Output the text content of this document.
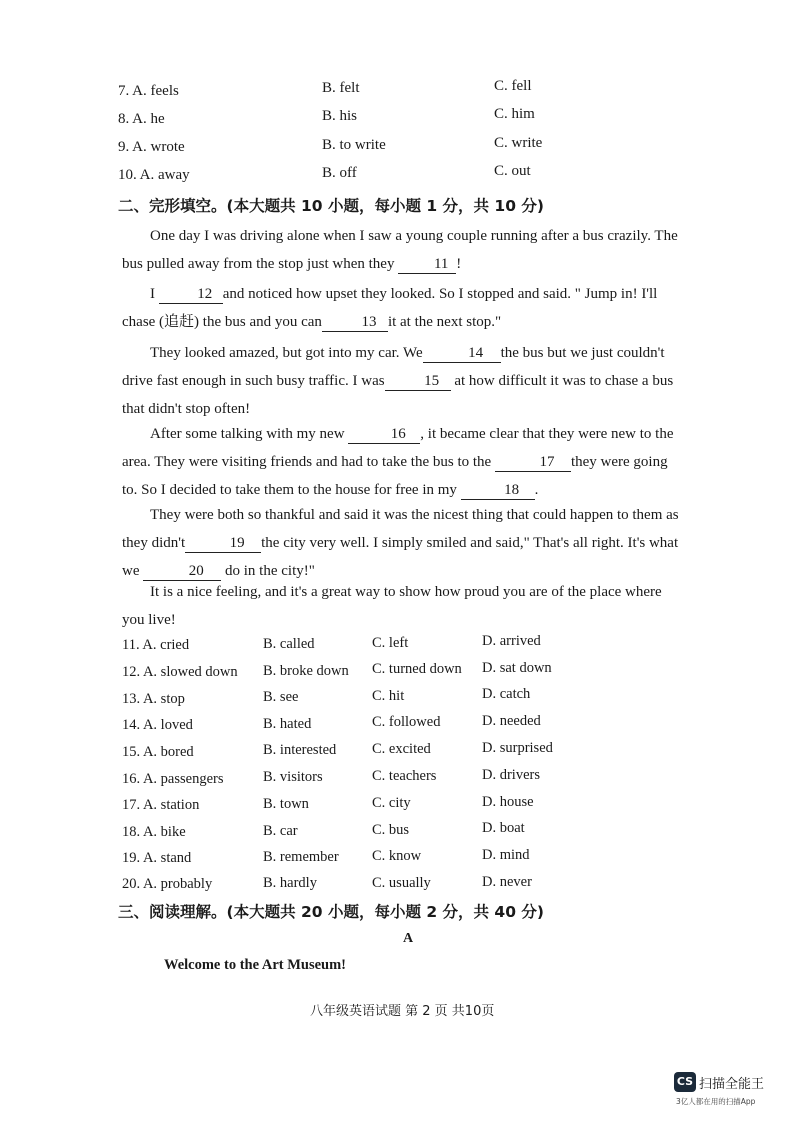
7. A. feels	B. felt	C. fell
8. A. he	B. his	C. him
9. A. wrote	B. to write	C. write
10. A. away	B. off	C. out
二、完形填空。(本大题共 10 小题，每小题 1 分，共 10 分)
One day I was driving alone when I saw a young couple running after a bus crazily. The bus pulled away from the stop just when they	11 !
I	12 and noticed how upset they looked. So I stopped and said. " Jump in! I'll chase (追赶) the bus and you can	13 it at the next stop."
They looked amazed, but got into my car. We	14 the bus but we just couldn't drive fast enough in such busy traffic. I was	15 at how difficult it was to chase a bus that didn't stop often!
After some talking with my new	16 , it became clear that they were new to the area. They were visiting friends and had to take the bus to the	17 they were going to. So I decided to take them to the house for free in my	18 .
They were both so thankful and said it was the nicest thing that could happen to them as they didn't	19 the city very well. I simply smiled and said," That's all right. It's what we	20 do in the city!"
It is a nice feeling, and it's a great way to show how proud you are of the place where you live!
11. A. cried	B. called	C. left	D. arrived
12. A. slowed down B. broke down C. turned down D. sat down
13. A. stop	B. see	C. hit	D. catch
14. A. loved	B. hated	C. followed	D. needed
15. A. bored	B. interested C. excited	D. surprised
16. A. passengers	B. visitors	C. teachers	D. drivers
17. A. station	B. town	C. city	D. house
18. A. bike	B. car	C. bus	D. boat
19. A. stand	B. remember C. know	D. mind
20. A. probably	B. hardly	C. usually	D. never
三、阅读理解。(本大题共 20 小题，每小题 2 分，共 40 分)
A
Welcome to the Art Museum!
八年级英语试题 第 2 页 共10页
CS 扫描全能王
3亿人都在用的扫描App
